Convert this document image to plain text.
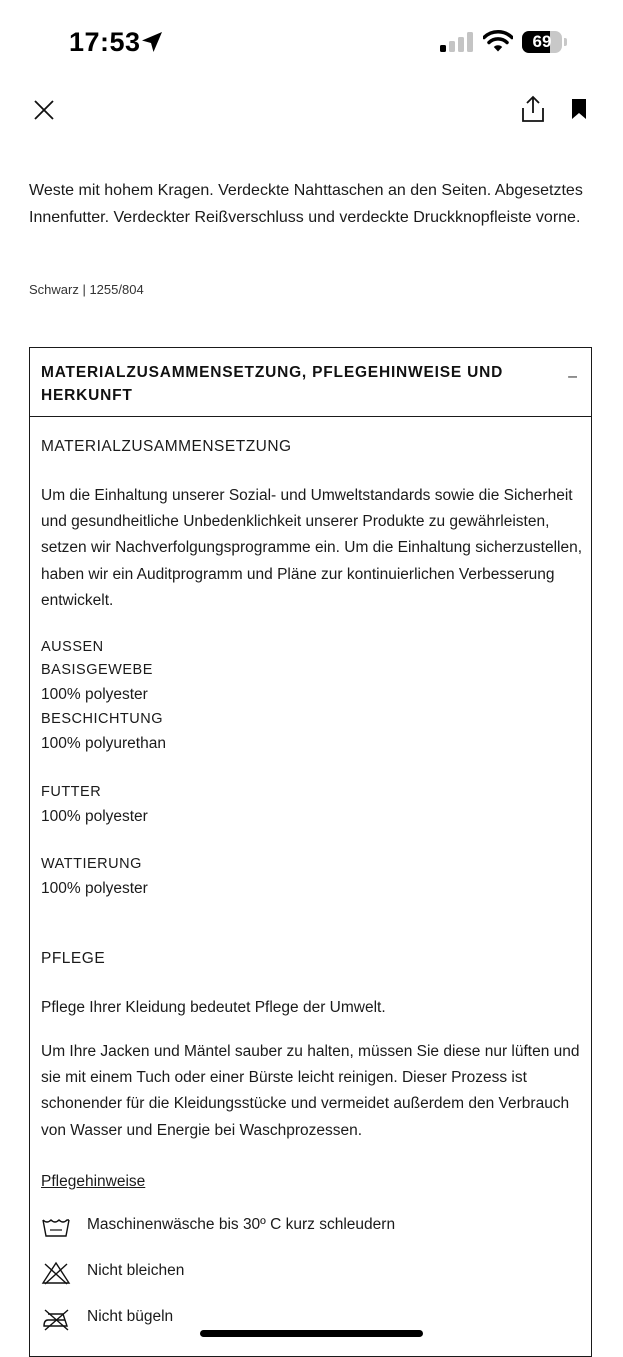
17:53	69

Weste mit hohem Kragen. Verdeckte Nahttaschen an den Seiten. Abgesetztes Innenfutter. Verdeckter Reißverschluss und verdeckte Druckknopfleiste vorne.

Schwarz | 1255/804
MATERIALZUSAMMENSETZUNG, PFLEGEHINWEISE UND HERKUNFT
–
MATERIALZUSAMMENSETZUNG

Um die Einhaltung unserer Sozial- und Umweltstandards sowie die Sicherheit und gesundheitliche Unbedenklichkeit unserer Produkte zu gewährleisten, setzen wir Nachverfolgungsprogramme ein. Um die Einhaltung sicherzustellen, haben wir ein Auditprogramm und Pläne zur kontinuierlichen Verbesserung entwickelt.

AUSSEN
BASISGEWEBE
100% polyester
BESCHICHTUNG
100% polyurethan
FUTTER
100% polyester
WATTIERUNG
100% polyester
PFLEGE
Pflege Ihrer Kleidung bedeutet Pflege der Umwelt.

Um Ihre Jacken und Mäntel sauber zu halten, müssen Sie diese nur lüften und sie mit einem Tuch oder einer Bürste leicht reinigen. Dieser Prozess ist schonender für die Kleidungsstücke und vermeidet außerdem den Verbrauch von Wasser und Energie bei Waschprozessen.

Pflegehinweise
Maschinenwäsche bis 30º C kurz schleudern
Nicht bleichen
Nicht bügeln
